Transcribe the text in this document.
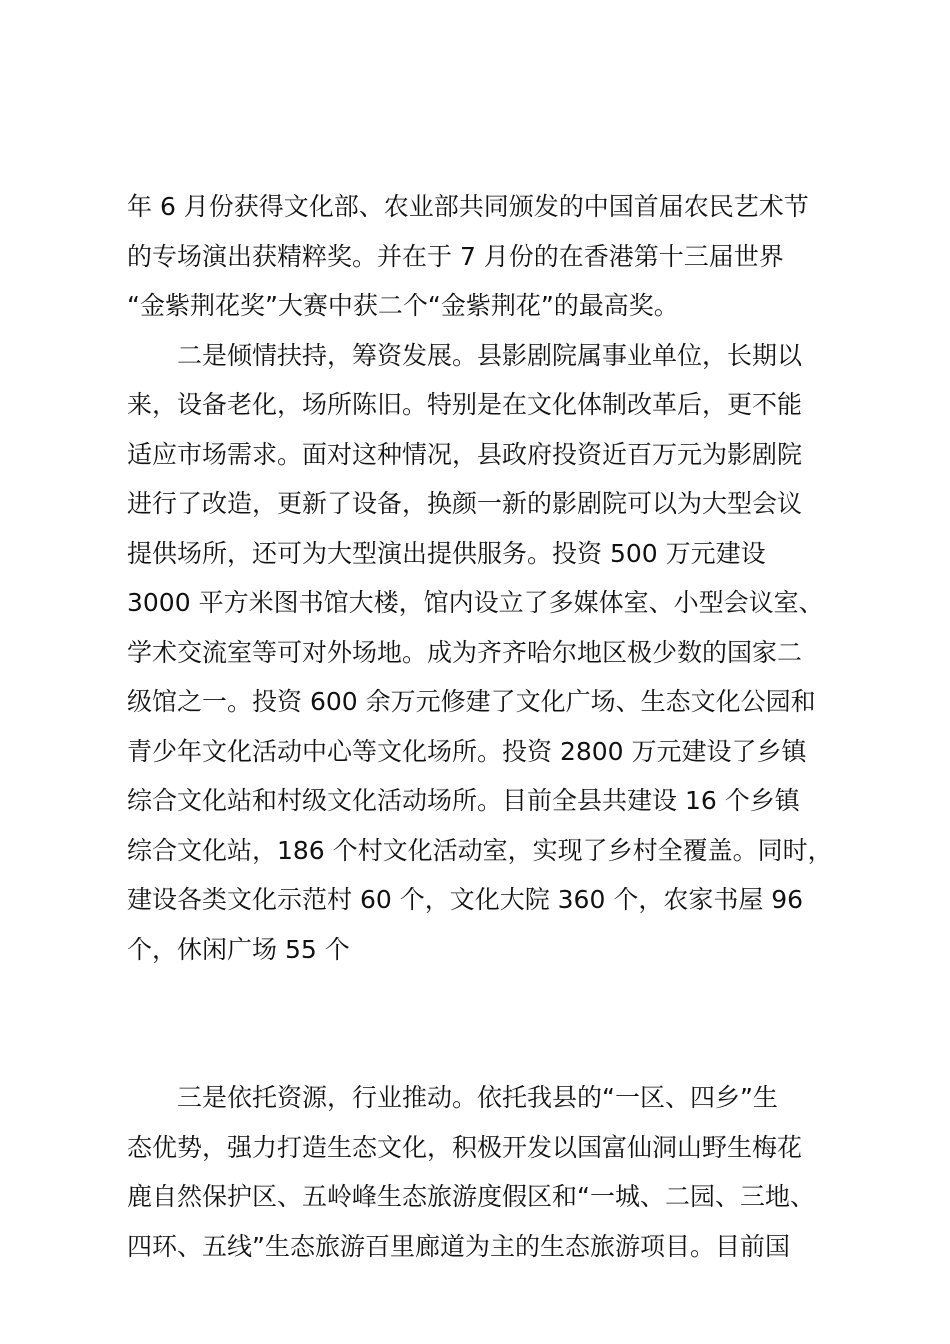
年 6 月份获得文化部、农业部共同颁发的中国首届农民艺术节
的专场演出获精粹奖。并在于 7 月份的在香港第十三届世界
“金紫荆花奖”大赛中获二个“金紫荆花”的最高奖。
　　二是倾情扶持，筹资发展。县影剧院属事业单位，长期以
来，设备老化，场所陈旧。特别是在文化体制改革后，更不能
适应市场需求。面对这种情况，县政府投资近百万元为影剧院
进行了改造，更新了设备，换颜一新的影剧院可以为大型会议
提供场所，还可为大型演出提供服务。投资 500 万元建设
3000 平方米图书馆大楼，馆内设立了多媒体室、小型会议室、
学术交流室等可对外场地。成为齐齐哈尔地区极少数的国家二
级馆之一。投资 600 余万元修建了文化广场、生态文化公园和
青少年文化活动中心等文化场所。投资 2800 万元建设了乡镇
综合文化站和村级文化活动场所。目前全县共建设 16 个乡镇
综合文化站，186 个村文化活动室，实现了乡村全覆盖。同时，
建设各类文化示范村 60 个，文化大院 360 个，农家书屋 96
个，休闲广场 55 个
　　三是依托资源，行业推动。依托我县的“一区、四乡”生
态优势，强力打造生态文化，积极开发以国富仙洞山野生梅花
鹿自然保护区、五岭峰生态旅游度假区和“一城、二园、三地、
四环、五线”生态旅游百里廊道为主的生态旅游项目。目前国
